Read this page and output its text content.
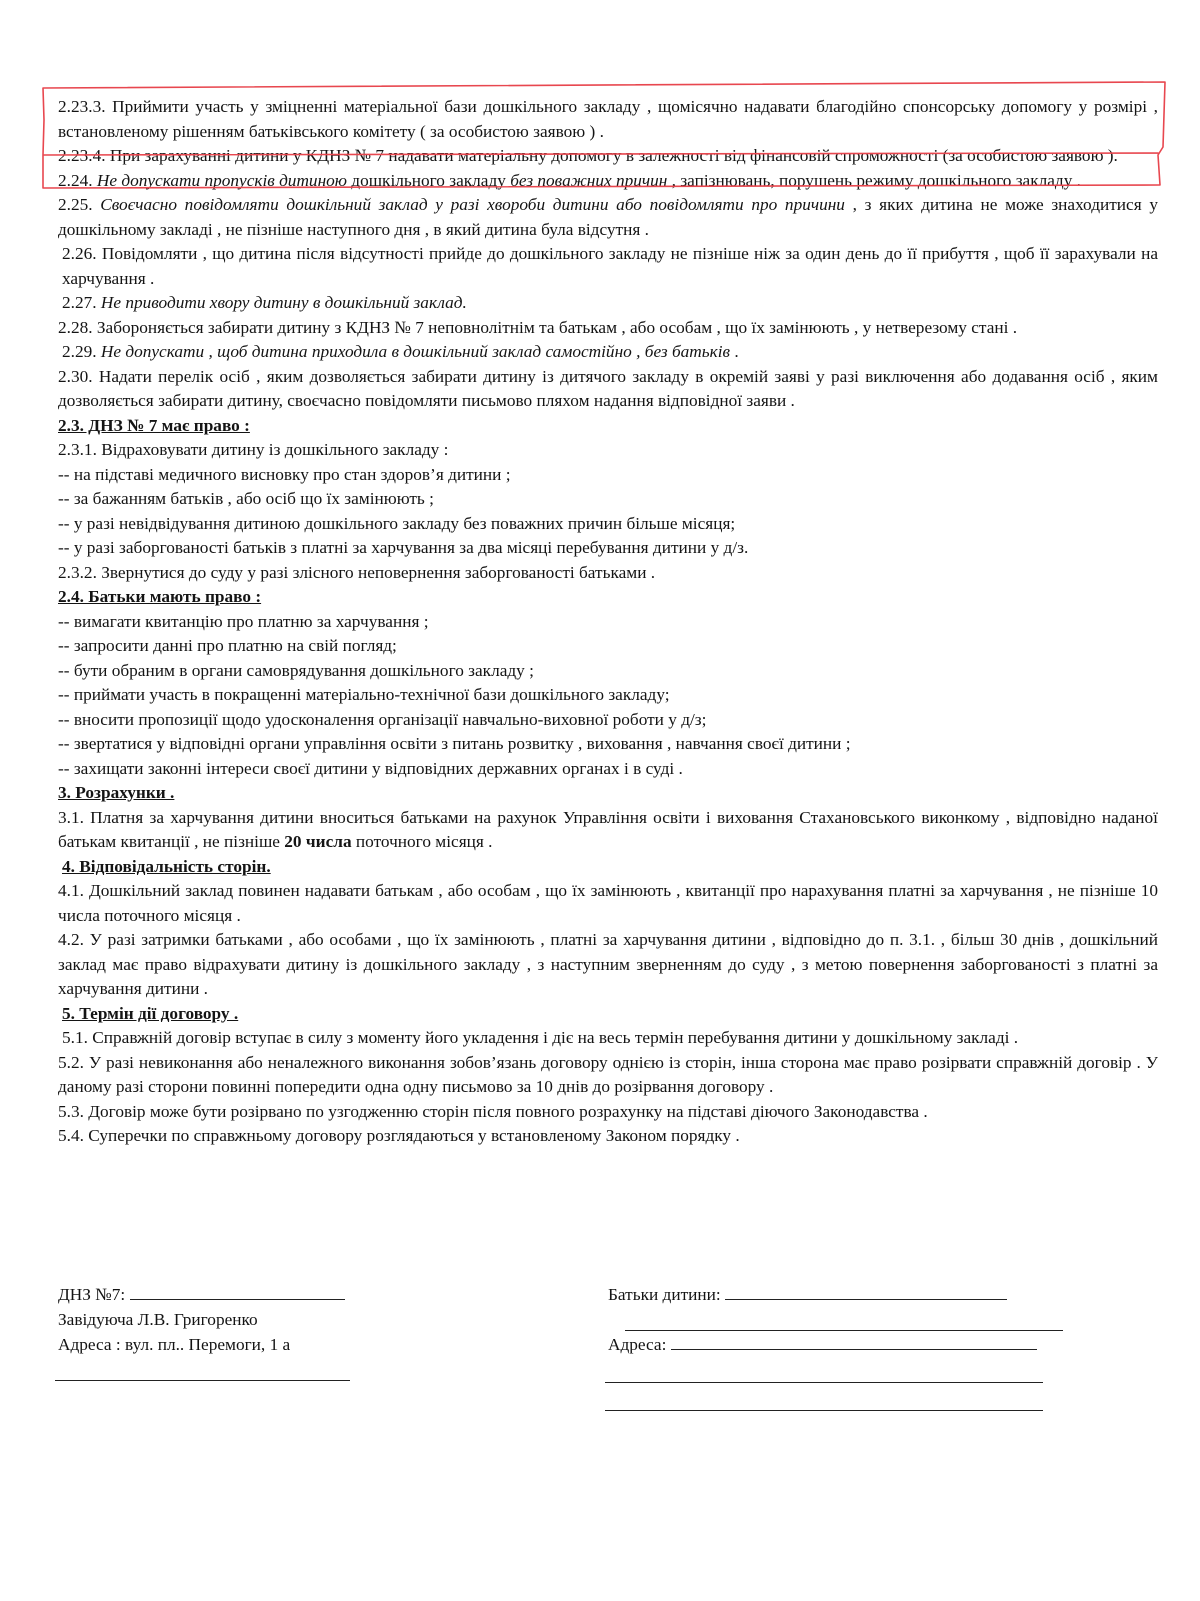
2.23.3. Приймити участь у зміцненні матеріальної бази дошкільного закладу , щомісячно надавати благодійно спонсорську допомогу у розмірі , встановленому рішенням батьківського комітету ( за особистою заявою ) .

2.23.4. При зарахуванні дитини у КДНЗ № 7 надавати матеріальну допомогу в залежності від фінансовій спроможності (за особистою заявою ).

2.24. Не допускати пропусків дитиною дошкільного закладу без поважних причин , запізнювань, порушень режиму дошкільного закладу .

2.25. Своєчасно повідомляти дошкільний заклад у разі хвороби дитини або повідомляти про причини , з яких дитина не може знаходитися у дошкільному закладі , не пізніше наступного дня , в який дитина була відсутня .

2.26. Повідомляти , що дитина після відсутності прийде до дошкільного закладу не пізніше ніж за один день до її прибуття , щоб її зарахували на харчування .

2.27. Не приводити хвору дитину в дошкільний заклад.

2.28. Забороняється забирати дитину з КДНЗ № 7 неповнолітнім та батькам , або особам , що їх замінюють , у нетверезому стані .

2.29. Не допускати , щоб дитина приходила в дошкільний заклад самостійно , без батьків .

2.30. Надати перелік осіб , яким дозволяється забирати дитину із дитячого закладу в окремій заяві у разі виключення або додавання осіб , яким дозволяється забирати дитину, своєчасно повідомляти письмово пляхом надання відповідної заяви .

2.3. ДНЗ № 7 має право :

2.3.1. Відраховувати дитину із дошкільного закладу :

-- на підставі медичного висновку про стан здоров’я дитини ;

-- за бажанням батьків , або осіб що їх замінюють ;

-- у разі невідвідування дитиною дошкільного закладу без поважних причин більше місяця;

-- у разі заборгованості батьків з платні за харчування за два місяці перебування дитини у д/з.

2.3.2. Звернутися до суду у разі злісного неповернення заборгованості батьками .

2.4. Батьки мають право :

-- вимагати квитанцію про платню за харчування ;

-- запросити данні про платню на свій погляд;

-- бути обраним в органи самоврядування дошкільного закладу ;

-- приймати участь в покращенні матеріально-технічної бази дошкільного закладу;

-- вносити пропозиції щодо удосконалення організації навчально-виховної роботи у д/з;

-- звертатися у відповідні органи управління освіти з питань розвитку , виховання , навчання своєї дитини ;

-- захищати законні інтереси своєї дитини у відповідних державних органах і в суді .

3. Розрахунки .

3.1. Платня за харчування дитини вноситься батьками на рахунок Управління освіти і виховання Стахановського виконкому , відповідно наданої батькам квитанції , не пізніше 20 числа поточного місяця .

4. Відповідальність сторін.

4.1. Дошкільний заклад повинен надавати батькам , або особам , що їх замінюють , квитанції про нарахування платні за харчування , не пізніше 10 числа поточного місяця .

4.2. У разі затримки батьками , або особами , що їх замінюють , платні за харчування дитини , відповідно до п. 3.1. , більш 30 днів , дошкільний заклад має право відрахувати дитину із дошкільного закладу , з наступним зверненням до суду , з метою повернення заборгованості з платні за харчування дитини .

5. Термін дії договору .

5.1. Справжній договір вступає в силу з моменту його укладення і діє на весь термін перебування дитини у дошкільному закладі .

5.2. У разі невиконання або неналежного виконання зобов’язань договору однією із сторін, інша сторона має право розірвати справжній договір . У даному разі сторони повинні попередити одна одну письмово за 10 днів до розірвання договору .

5.3. Договір може бути розірвано по узгодженню сторін після повного розрахунку на підставі діючого Законодавства .

5.4. Суперечки по справжньому договору розглядаються у встановленому Законом порядку .

ДНЗ №7:
Завідуюча Л.В. Григоренко
Адреса : вул. пл.. Перемоги, 1 а
Батьки дитини:
Адреса:
